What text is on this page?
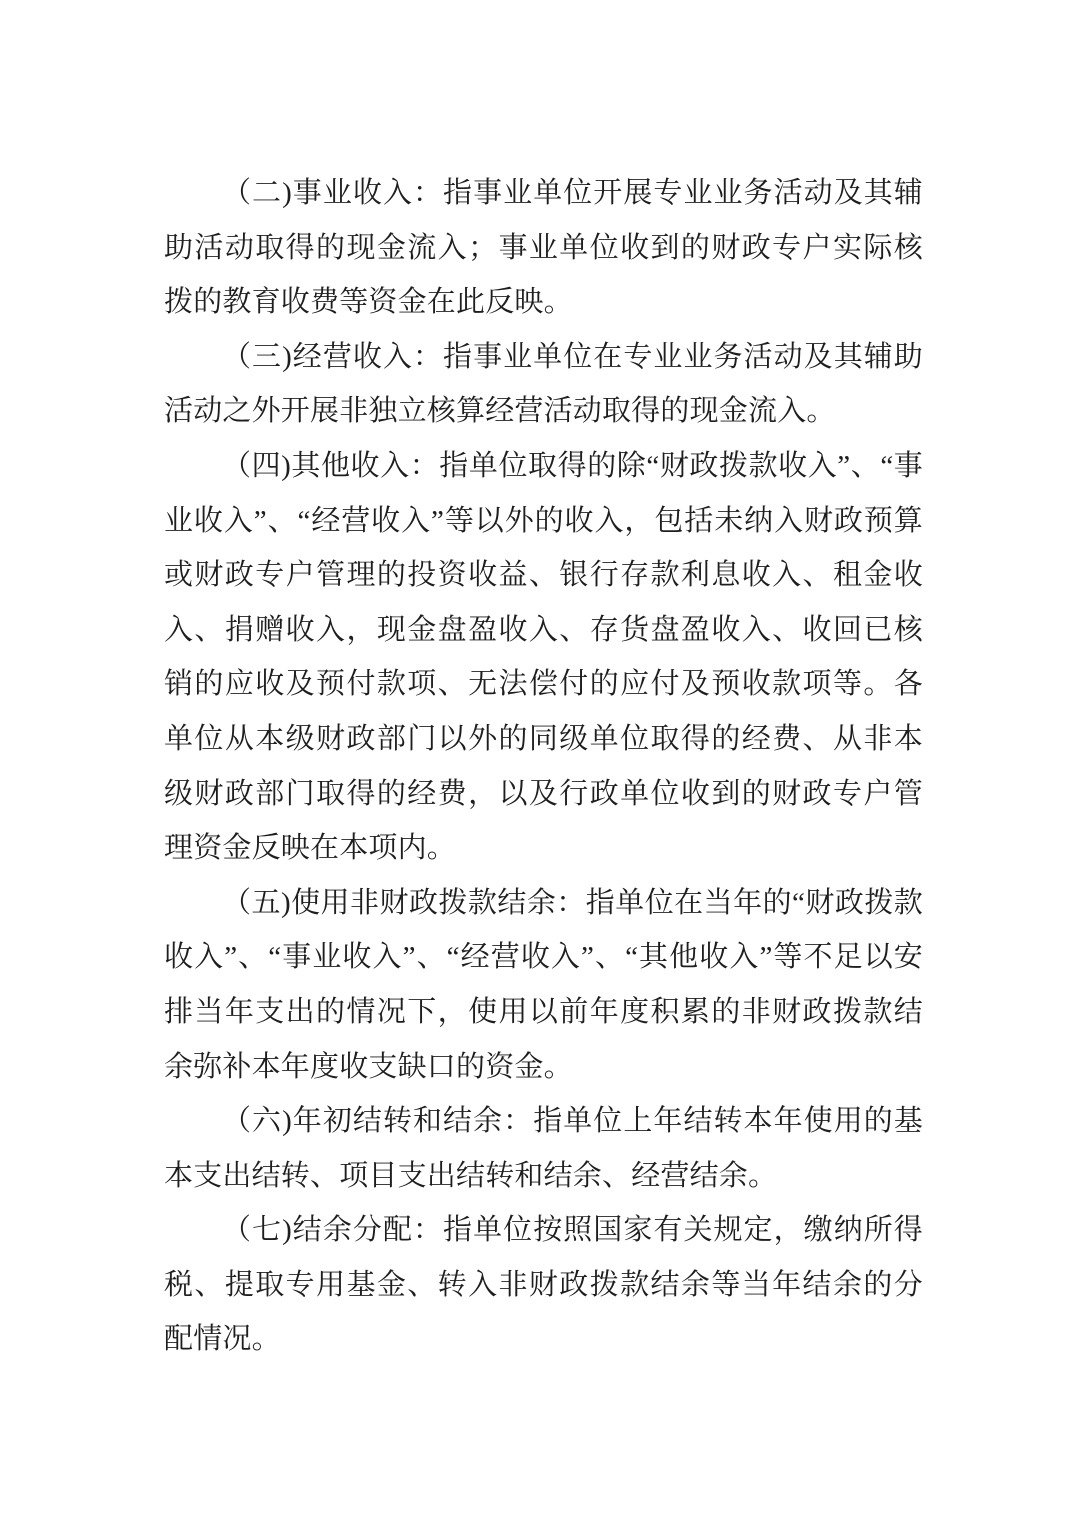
（二)事业收入：指事业单位开展专业业务活动及其辅助活动取得的现金流入；事业单位收到的财政专户实际核拨的教育收费等资金在此反映。

（三)经营收入：指事业单位在专业业务活动及其辅助活动之外开展非独立核算经营活动取得的现金流入。

（四)其他收入：指单位取得的除“财政拨款收入”、“事业收入”、“经营收入”等以外的收入，包括未纳入财政预算或财政专户管理的投资收益、银行存款利息收入、租金收入、捐赠收入，现金盘盈收入、存货盘盈收入、收回已核销的应收及预付款项、无法偿付的应付及预收款项等。各单位从本级财政部门以外的同级单位取得的经费、从非本级财政部门取得的经费，以及行政单位收到的财政专户管理资金反映在本项内。

（五)使用非财政拨款结余：指单位在当年的“财政拨款收入”、“事业收入”、“经营收入”、“其他收入”等不足以安排当年支出的情况下，使用以前年度积累的非财政拨款结余弥补本年度收支缺口的资金。

（六)年初结转和结余：指单位上年结转本年使用的基本支出结转、项目支出结转和结余、经营结余。

（七)结余分配：指单位按照国家有关规定，缴纳所得税、提取专用基金、转入非财政拨款结余等当年结余的分配情况。
